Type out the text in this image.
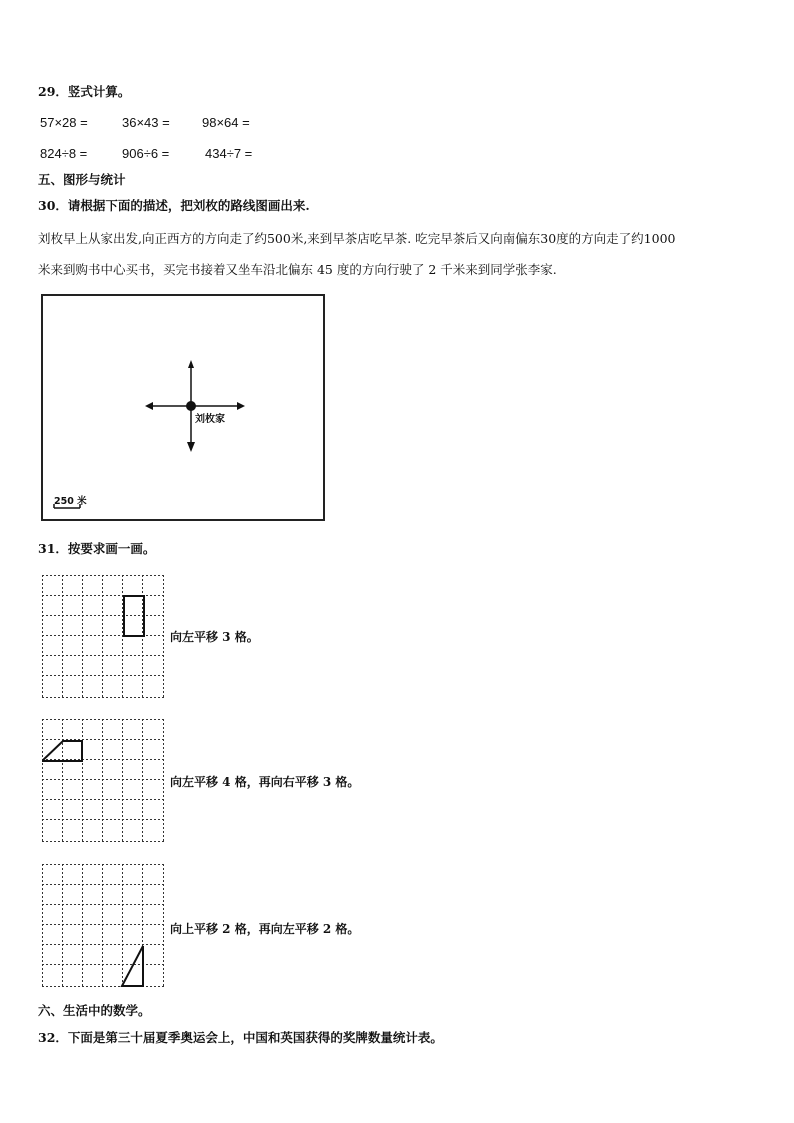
29．竖式计算。
57×28 =	36×43 = 98×64 =
824÷8 =	906÷6 =	434÷7 =
五、图形与统计
30．请根据下面的描述，把刘枚的路线图画出来.
刘枚早上从家出发,向正西方的方向走了约500米,来到早茶店吃早茶. 吃完早茶后又向南偏东30度的方向走了约1000
米来到购书中心买书，买完书接着又坐车沿北偏东 45 度的方向行驶了 2 千米来到同学张李家.
刘枚家
250 米
31．按要求画一画。
向左平移 3 格。
向左平移 4 格，再向右平移 3 格。
向上平移 2 格，再向左平移 2 格。
六、生活中的数学。
32．下面是第三十届夏季奥运会上，中国和英国获得的奖牌数量统计表。
